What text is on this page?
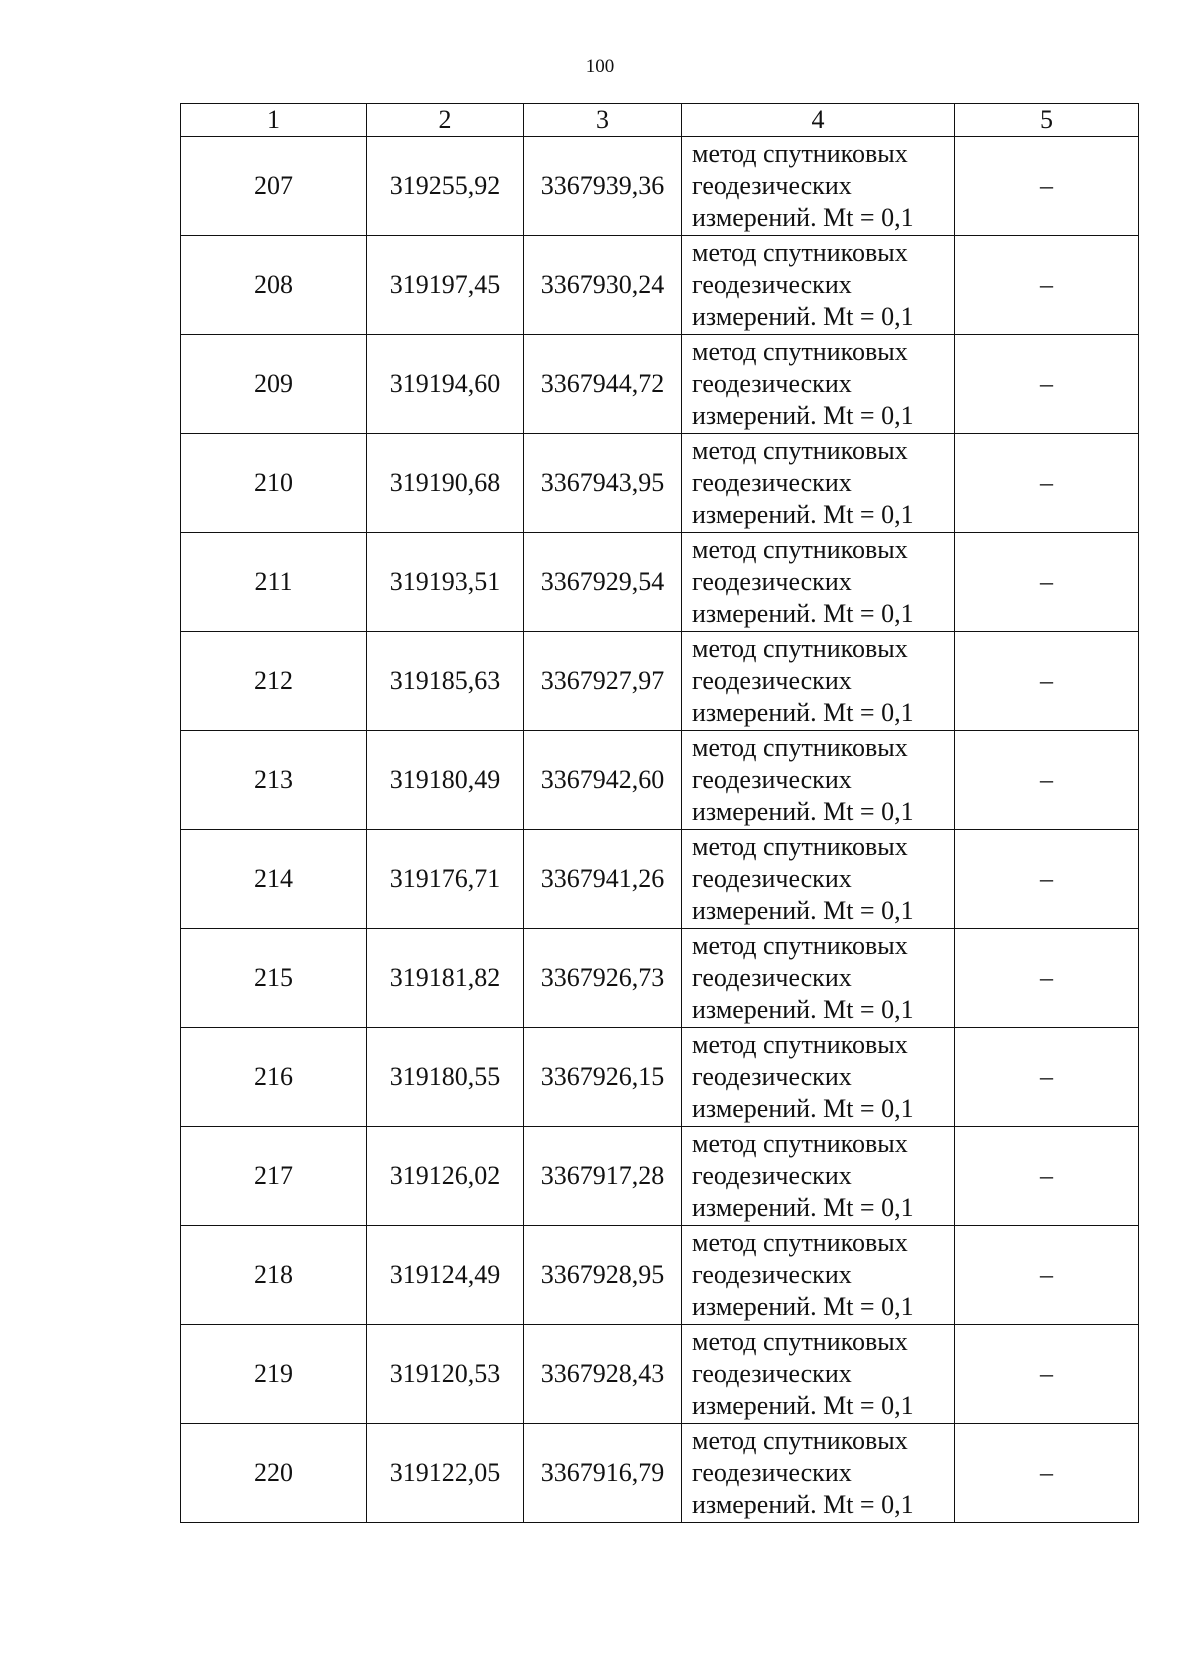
100
1	2	3	4	5
207	319255,92	3367939,36	метод спутниковых
геодезических
измерений. Mt = 0,1	–
208	319197,45	3367930,24	метод спутниковых
геодезических
измерений. Mt = 0,1	–
209	319194,60	3367944,72	метод спутниковых
геодезических
измерений. Mt = 0,1	–
210	319190,68	3367943,95	метод спутниковых
геодезических
измерений. Mt = 0,1	–
211	319193,51	3367929,54	метод спутниковых
геодезических
измерений. Mt = 0,1	–
212	319185,63	3367927,97	метод спутниковых
геодезических
измерений. Mt = 0,1	–
213	319180,49	3367942,60	метод спутниковых
геодезических
измерений. Mt = 0,1	–
214	319176,71	3367941,26	метод спутниковых
геодезических
измерений. Mt = 0,1	–
215	319181,82	3367926,73	метод спутниковых
геодезических
измерений. Mt = 0,1	–
216	319180,55	3367926,15	метод спутниковых
геодезических
измерений. Mt = 0,1	–
217	319126,02	3367917,28	метод спутниковых
геодезических
измерений. Mt = 0,1	–
218	319124,49	3367928,95	метод спутниковых
геодезических
измерений. Mt = 0,1	–
219	319120,53	3367928,43	метод спутниковых
геодезических
измерений. Mt = 0,1	–
220	319122,05	3367916,79	метод спутниковых
геодезических
измерений. Mt = 0,1	–
